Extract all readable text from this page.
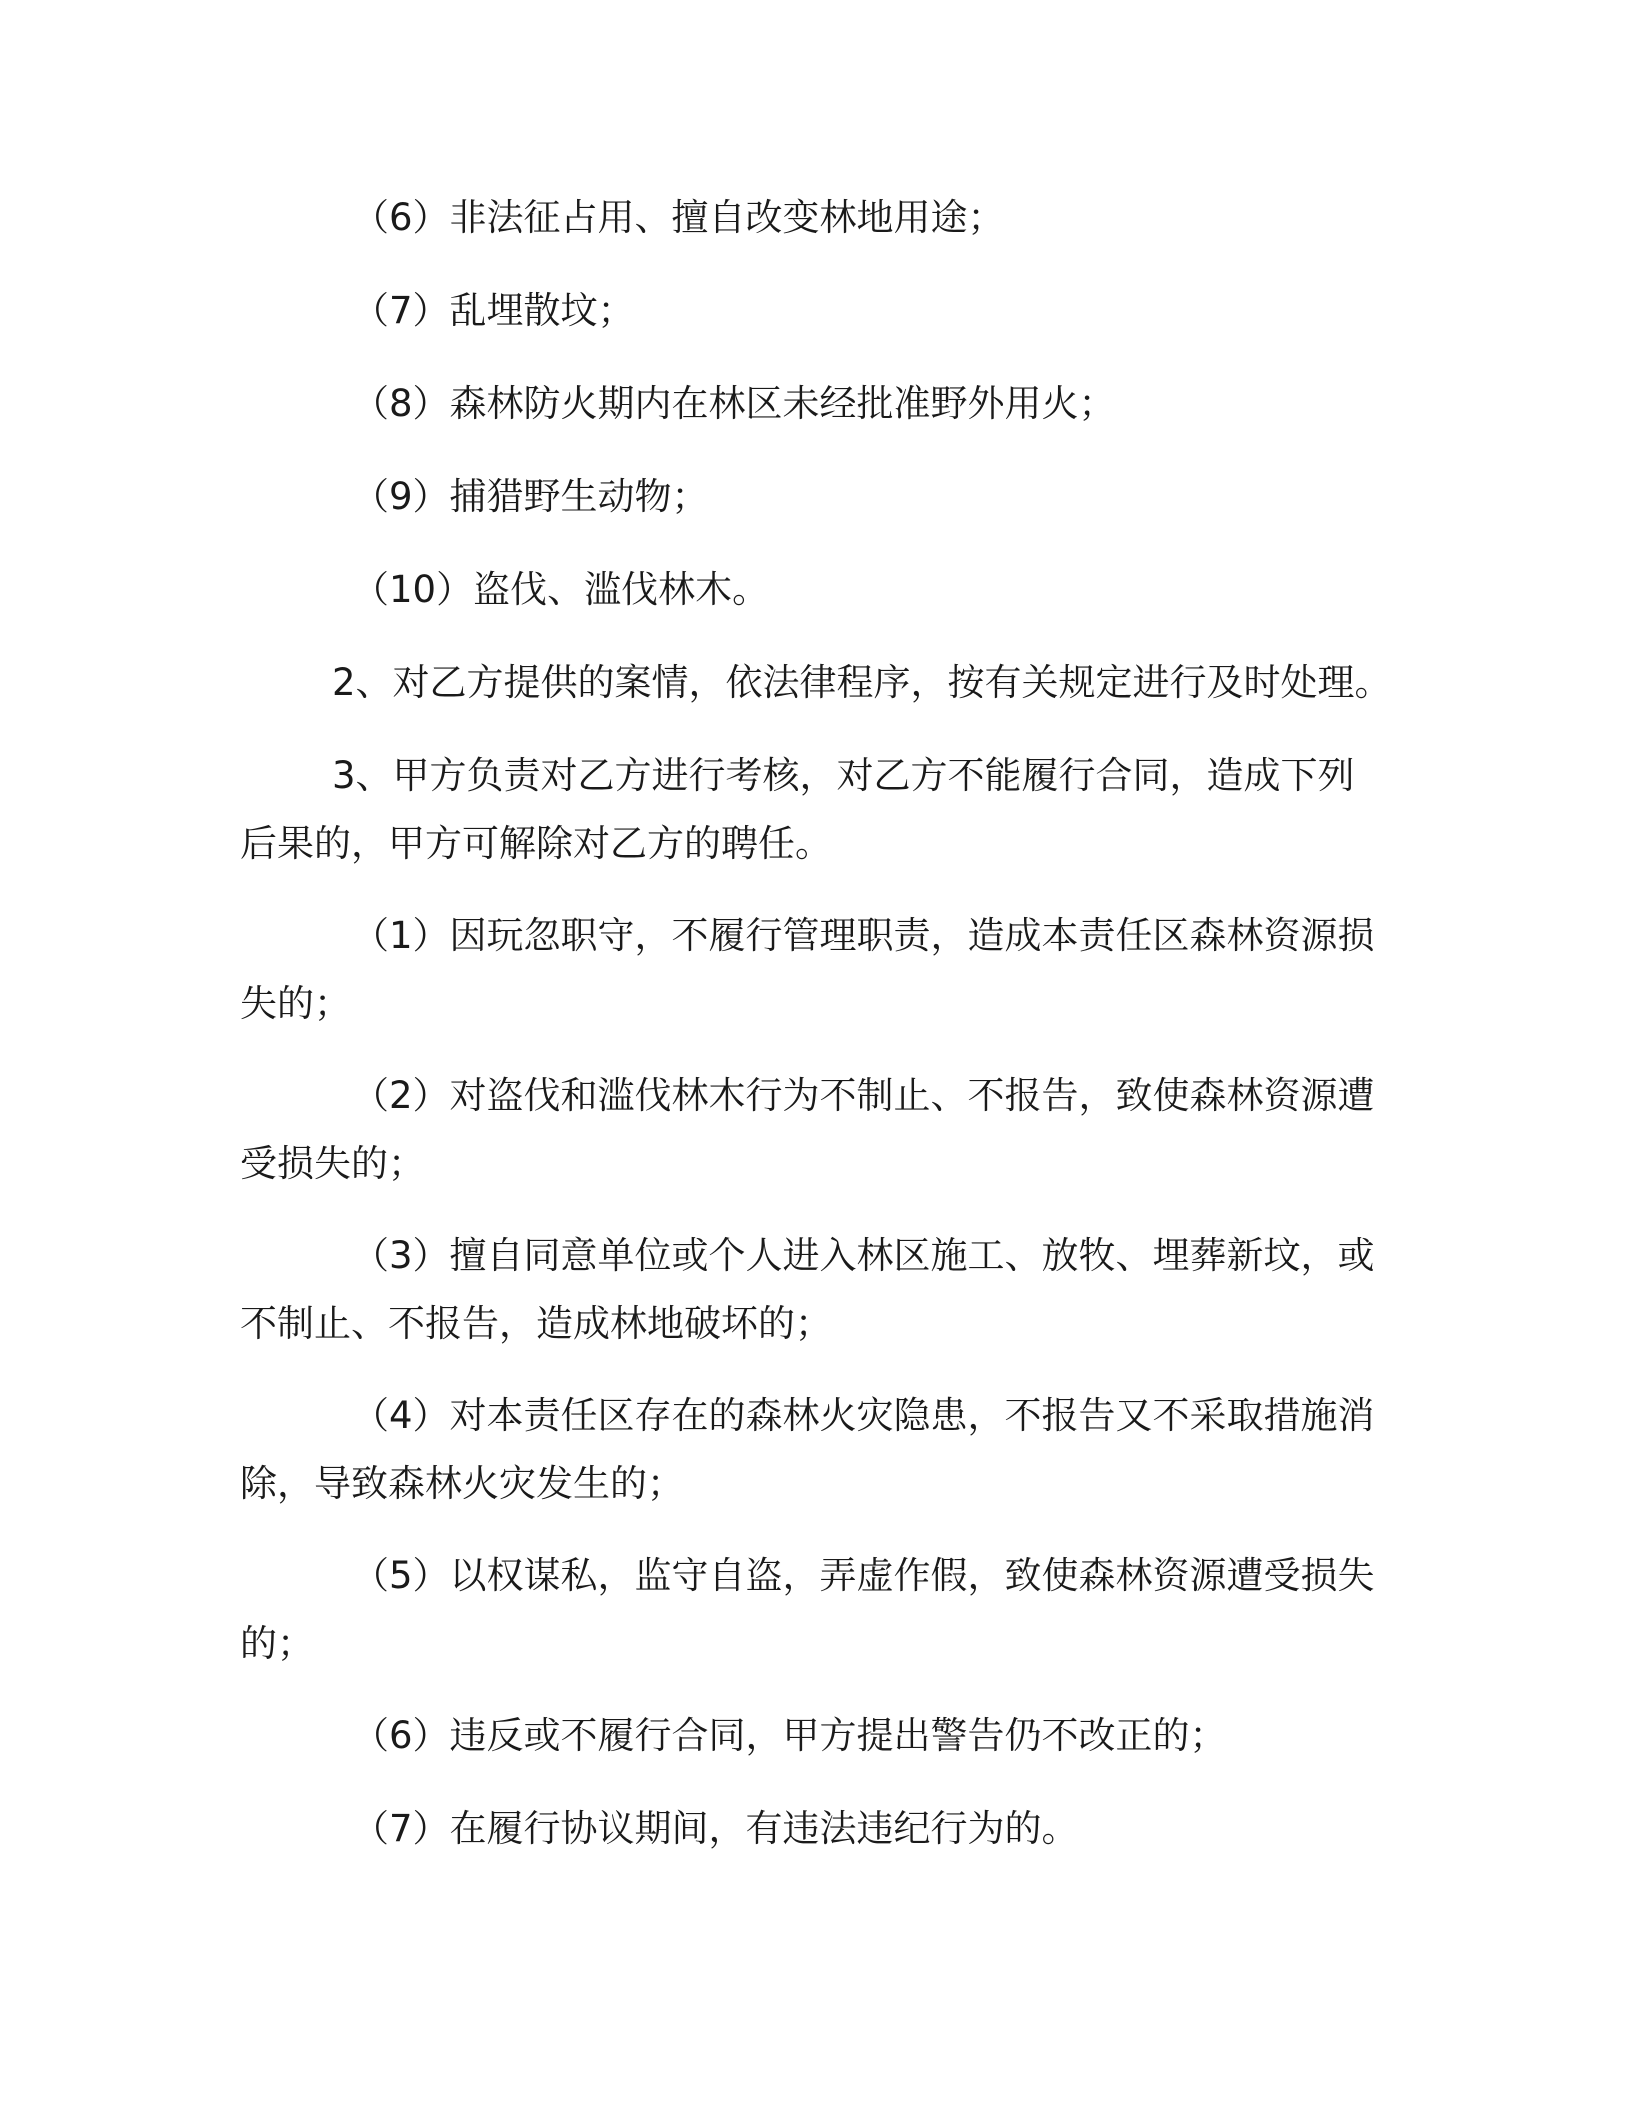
（6）非法征占用、擅自改变林地用途；

（7）乱埋散坟；

（8）森林防火期内在林区未经批准野外用火；

（9）捕猎野生动物；

（10）盗伐、滥伐林木。

2、对乙方提供的案情，依法律程序，按有关规定进行及时处理。

3、甲方负责对乙方进行考核，对乙方不能履行合同，造成下列后果的，甲方可解除对乙方的聘任。

（1）因玩忽职守，不履行管理职责，造成本责任区森林资源损失的；

（2）对盗伐和滥伐林木行为不制止、不报告，致使森林资源遭受损失的；

（3）擅自同意单位或个人进入林区施工、放牧、埋葬新坟，或不制止、不报告，造成林地破坏的；

（4）对本责任区存在的森林火灾隐患，不报告又不采取措施消除，导致森林火灾发生的；

（5）以权谋私，监守自盗，弄虚作假，致使森林资源遭受损失的；

（6）违反或不履行合同，甲方提出警告仍不改正的；

（7）在履行协议期间，有违法违纪行为的。
